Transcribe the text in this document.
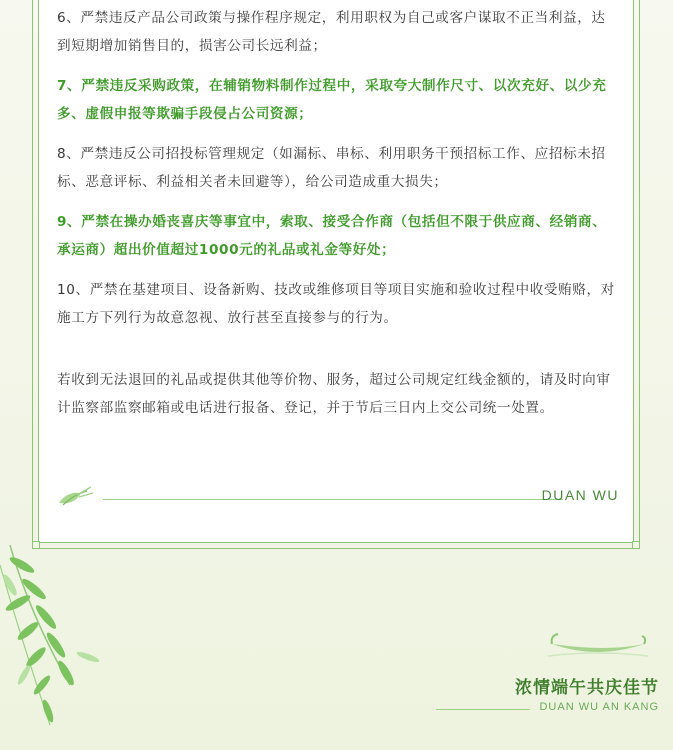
6、严禁违反产品公司政策与操作程序规定，利用职权为自己或客户谋取不正当利益，达到短期增加销售目的，损害公司长远利益；

7、严禁违反采购政策，在辅销物料制作过程中，采取夸大制作尺寸、以次充好、以少充多、虚假申报等欺骗手段侵占公司资源；

8、严禁违反公司招投标管理规定（如漏标、串标、利用职务干预招标工作、应招标未招标、恶意评标、利益相关者未回避等），给公司造成重大损失；

9、严禁在操办婚丧喜庆等事宜中，索取、接受合作商（包括但不限于供应商、经销商、承运商）超出价值超过1000元的礼品或礼金等好处；

10、严禁在基建项目、设备新购、技改或维修项目等项目实施和验收过程中收受贿赂，对施工方下列行为故意忽视、放行甚至直接参与的行为。

若收到无法退回的礼品或提供其他等价物、服务，超过公司规定红线金额的，请及时向审计监察部监察邮箱或电话进行报备、登记，并于节后三日内上交公司统一处置。

DUAN WU
浓情端午共庆佳节
DUAN WU AN KANG
